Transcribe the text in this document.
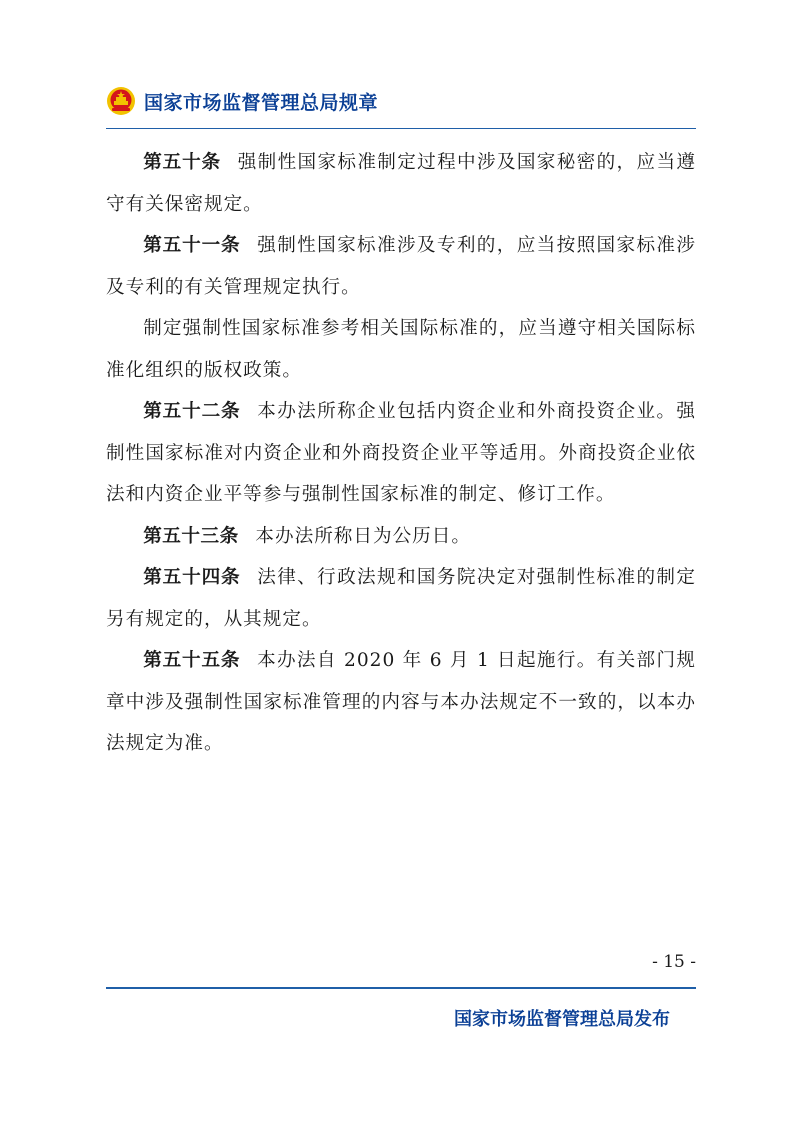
国家市场监督管理总局规章

第五十条 强制性国家标准制定过程中涉及国家秘密的，应当遵守有关保密规定。

第五十一条 强制性国家标准涉及专利的，应当按照国家标准涉及专利的有关管理规定执行。

制定强制性国家标准参考相关国际标准的，应当遵守相关国际标准化组织的版权政策。

第五十二条 本办法所称企业包括内资企业和外商投资企业。强制性国家标准对内资企业和外商投资企业平等适用。外商投资企业依法和内资企业平等参与强制性国家标准的制定、修订工作。

第五十三条 本办法所称日为公历日。

第五十四条 法律、行政法规和国务院决定对强制性标准的制定另有规定的，从其规定。

第五十五条 本办法自 2020 年 6 月 1 日起施行。有关部门规章中涉及强制性国家标准管理的内容与本办法规定不一致的，以本办法规定为准。

- 15 -
国家市场监督管理总局发布
